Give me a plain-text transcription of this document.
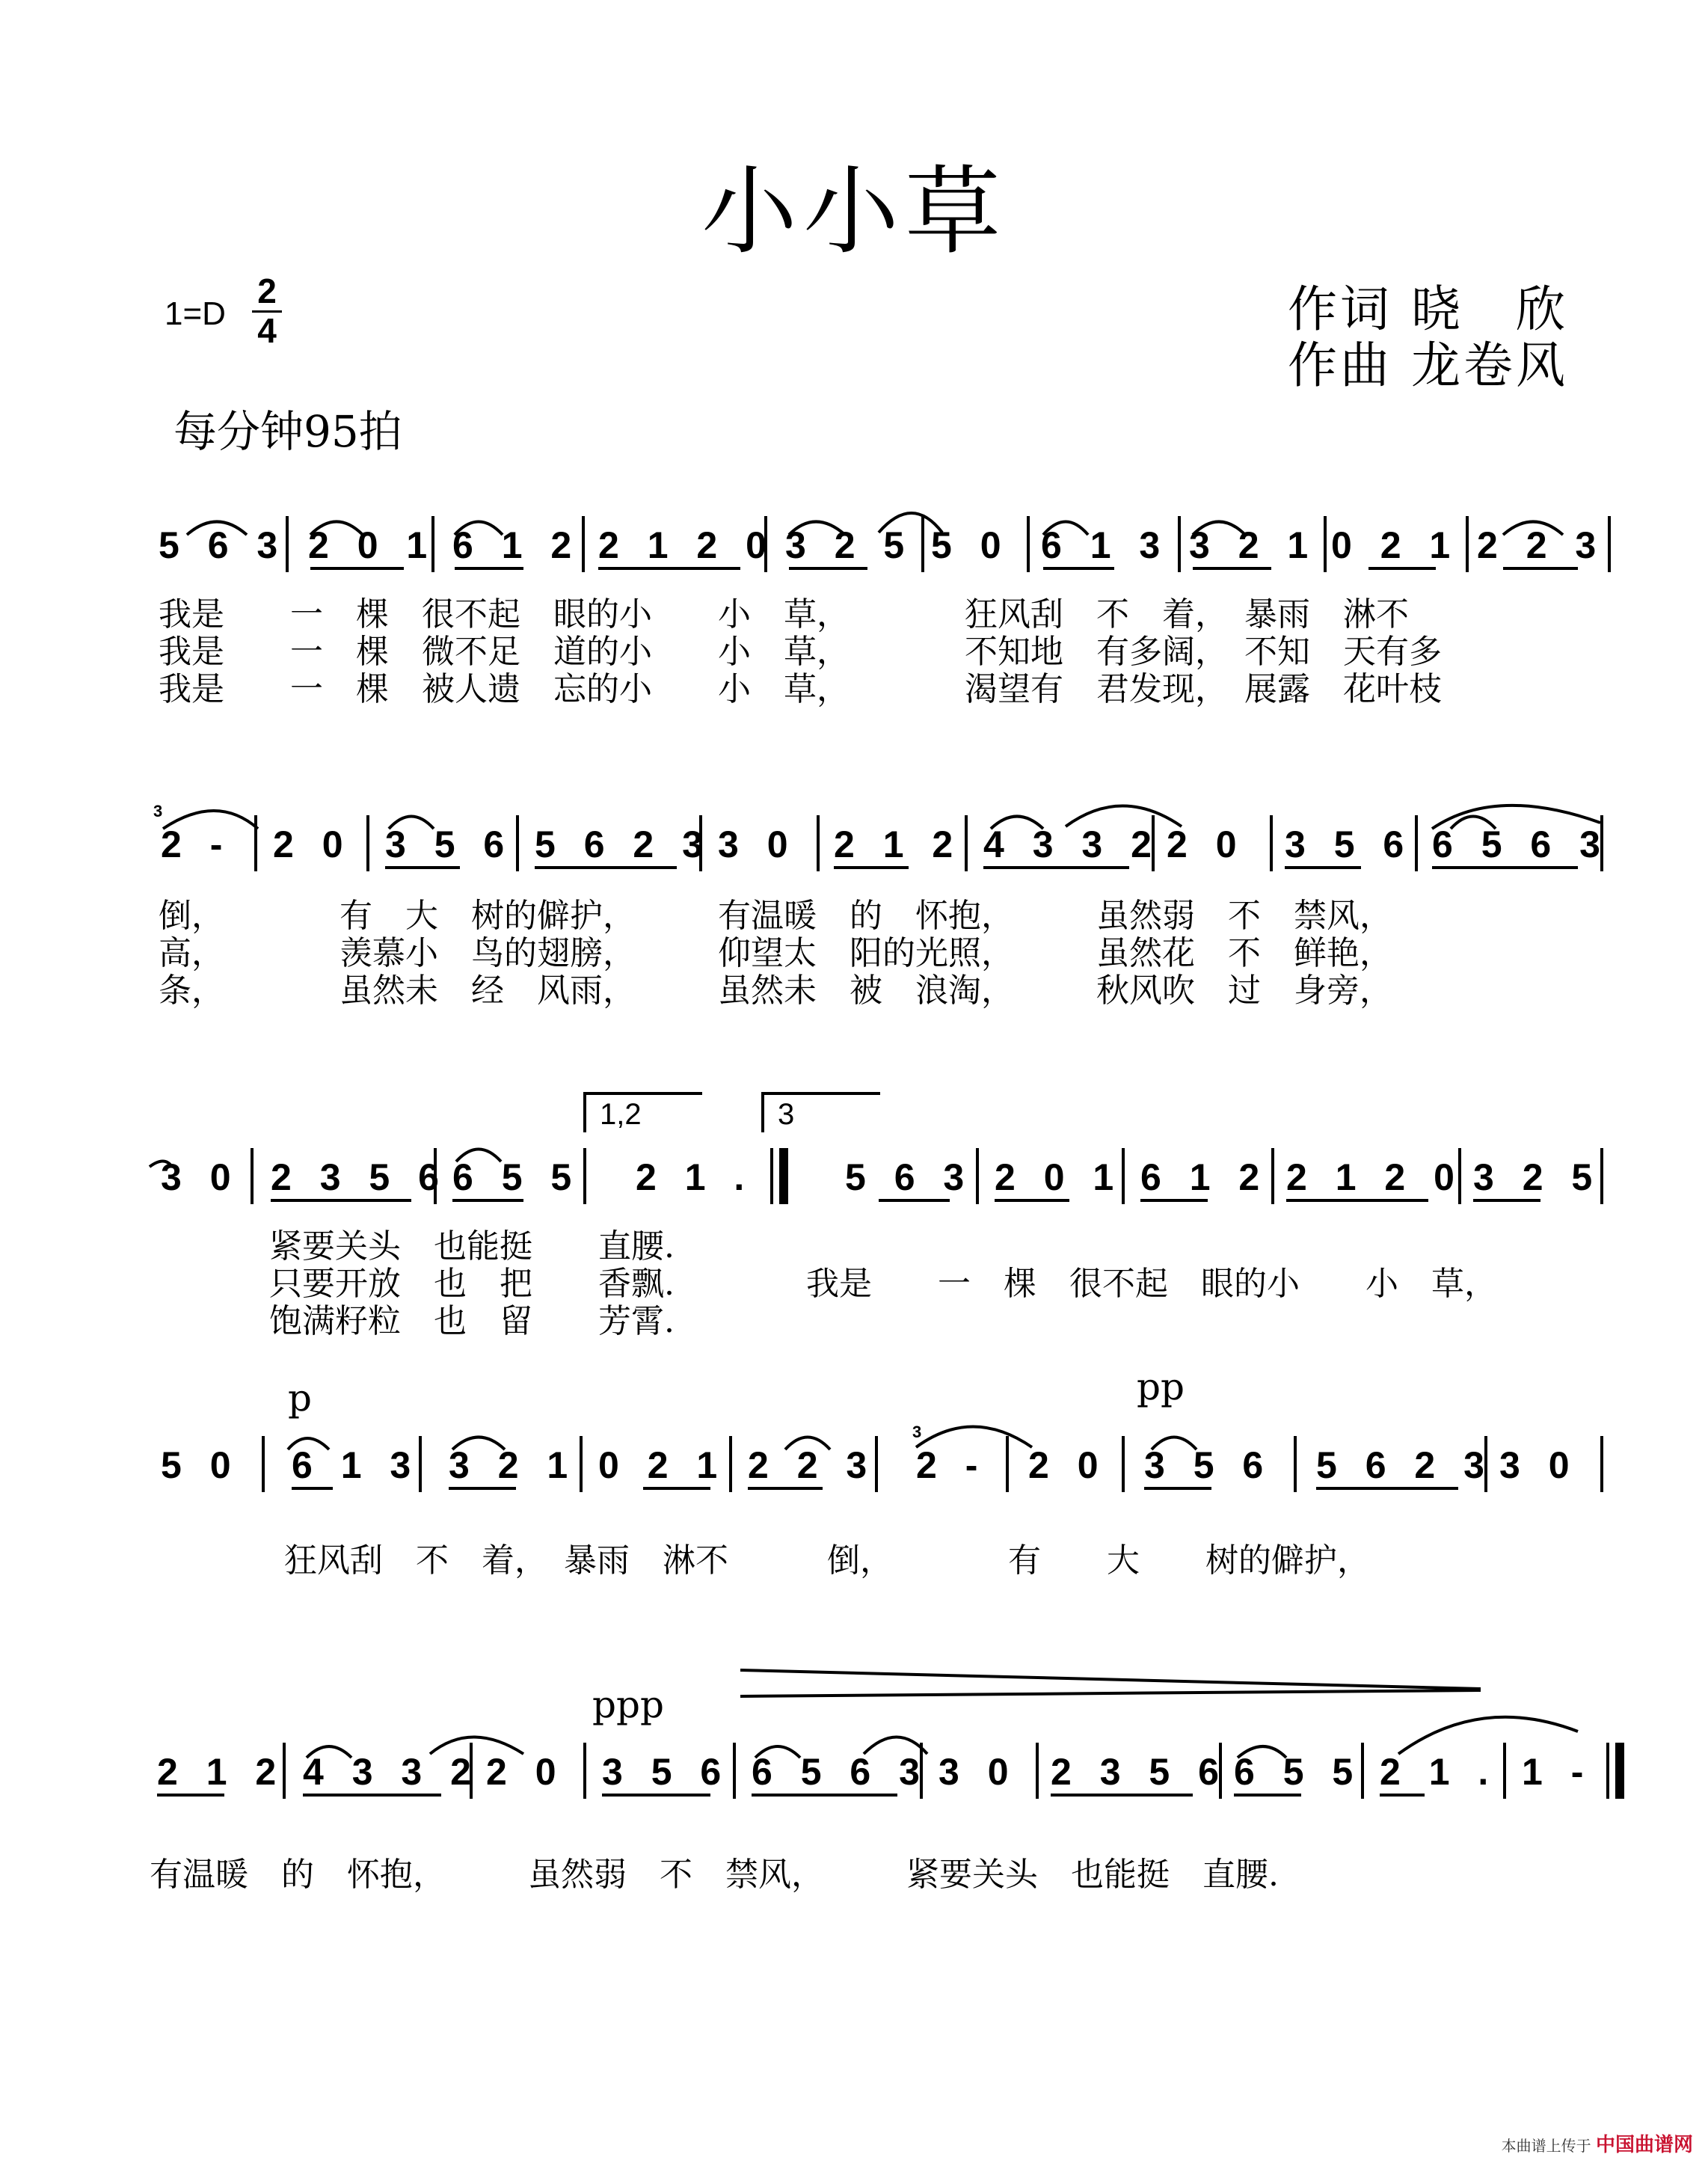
小小草
$1=D \frac{2}{4}$	作词 晓　欣
作曲 龙卷风
每分钟95拍
5 6 3 2 0 1 6 1 2 2 1 2 0 3 2 5 5 0 6 1 3 3 2 1 0 2 1 2 2 3
我是　　一　棵　很不起　眼的小　　小　草，　　　　狂风刮　不　着，　暴雨　淋不
我是　　一　棵　微不足　道的小　　小　草，　　　　不知地　有多阔，　不知　天有多
我是　　一　棵　被人遗　忘的小　　小　草，　　　　渴望有　君发现，　展露　花叶枝
3
2 - 2 0 3 5 6 5 6 2 3 3 0 2 1 2 4 3 3 2 2 0 3 5 6 6 5 6 3
倒，　　　　有　大　树的僻护，　　　有温暖　的　怀抱，　　　虽然弱　不　禁风，
高，　　　　羡慕小　鸟的翅膀，　　　仰望太　阳的光照，　　　虽然花　不　鲜艳，
条，　　　　虽然未　经　风雨，　　　虽然未　被　浪淘，　　　秋风吹　过　身旁，
1,2	3
3 0 2 3 5 6 6 5 5 2 1 . 5 6 3 2 0 1 6 1 2 2 1 2 0 3 2 5
紧要关头　也能挺　　直腰.
只要开放　也　把　　香飘.　　　　我是　　一　棵　很不起　眼的小　　小　草，
饱满籽粒　也　留　　芳霄.
p	pp
3
5 0 6 1 3 3 2 1 0 2 1 2 2 3 2 - 2 0 3 5 6 5 6 2 3 3 0
狂风刮　不　着，　暴雨　淋不　　　倒，　　　　有　　大　　树的僻护，
ppp
2 1 2 4 3 3 2 2 0 3 5 6 6 5 6 3 3 0 2 3 5 6 6 5 5 2 1 . 1 -
有温暖　的　怀抱，　　　虽然弱　不　禁风，　　　紧要关头　也能挺　直腰.
本曲谱上传于 中国曲谱网
